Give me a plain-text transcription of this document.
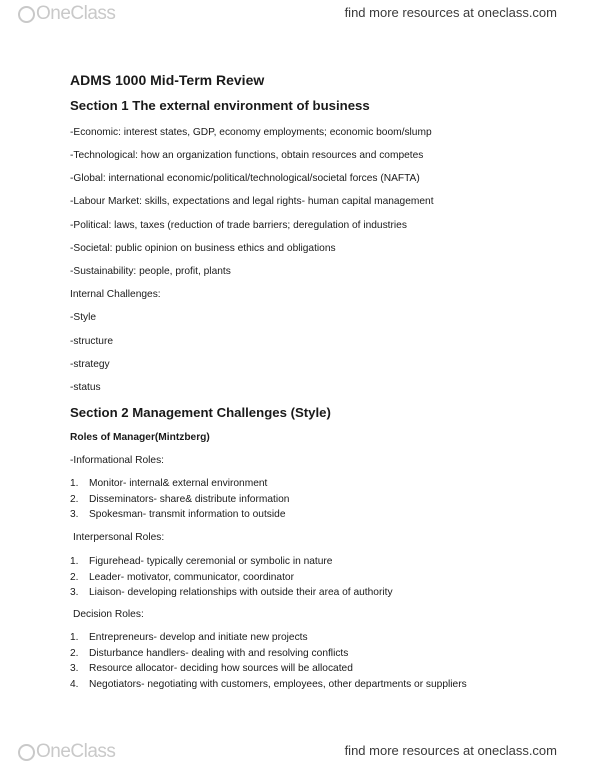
OneClass	find more resources at oneclass.com
ADMS 1000 Mid-Term Review
Section 1 The external environment of business
-Economic: interest states, GDP, economy employments; economic boom/slump
-Technological: how an organization functions, obtain resources and competes
-Global: international economic/political/technological/societal forces (NAFTA)
-Labour Market: skills, expectations and legal rights- human capital management
-Political: laws, taxes (reduction of trade barriers; deregulation of industries
-Societal: public opinion on business ethics and obligations
-Sustainability: people, profit, plants
Internal Challenges:
-Style
-structure
-strategy
-status
Section 2 Management Challenges (Style)
Roles of Manager(Mintzberg)
-Informational Roles:
1. Monitor- internal& external environment
2. Disseminators- share& distribute information
3. Spokesman- transmit information to outside
Interpersonal Roles:
1. Figurehead- typically ceremonial or symbolic in nature
2. Leader- motivator, communicator, coordinator
3. Liaison- developing relationships with outside their area of authority
Decision Roles:
1. Entrepreneurs- develop and initiate new projects
2. Disturbance handlers- dealing with and resolving conflicts
3. Resource allocator- deciding how sources will be allocated
4. Negotiators- negotiating with customers, employees, other departments or suppliers
OneClass	find more resources at oneclass.com
